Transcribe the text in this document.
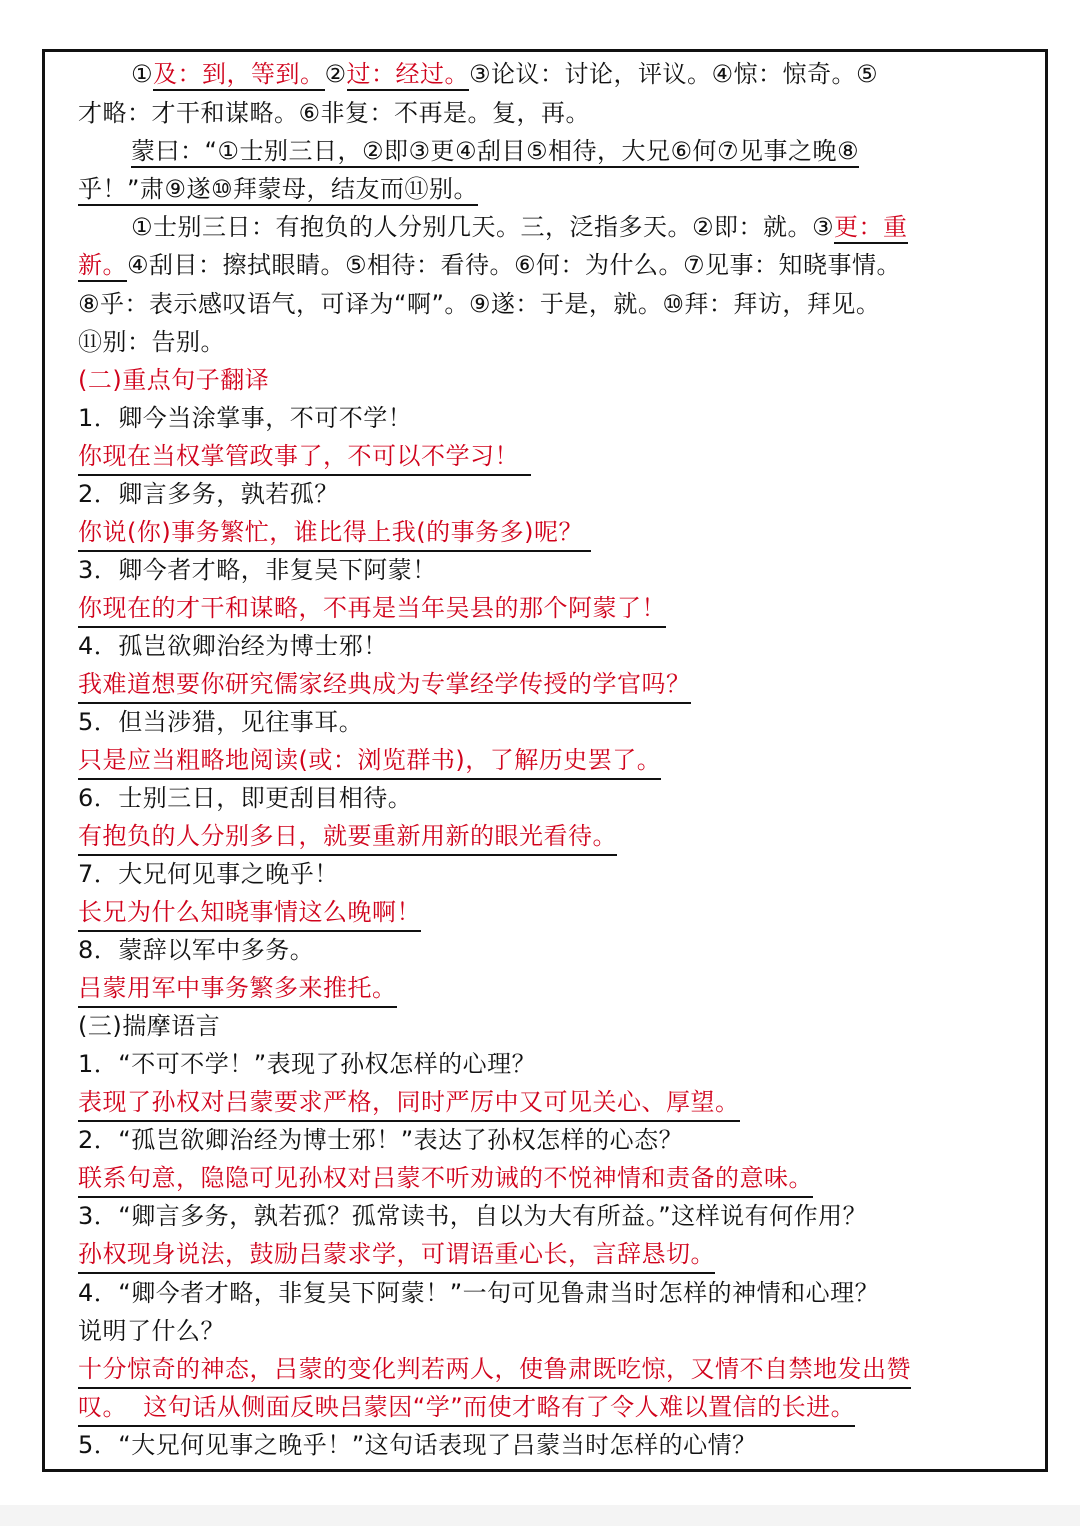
①及：到，等到。②过：经过。③论议：讨论，评议。④惊：惊奇。⑤
才略：才干和谋略。⑥非复：不再是。复，再。
蒙曰：“①士别三日，②即③更④刮目⑤相待，大兄⑥何⑦见事之晚⑧
乎！”肃⑨遂⑩拜蒙母，结友而⑪别。
①士别三日：有抱负的人分别几天。三，泛指多天。②即：就。③更：重
新。④刮目：擦拭眼睛。⑤相待：看待。⑥何：为什么。⑦见事：知晓事情。
⑧乎：表示感叹语气，可译为“啊”。⑨遂：于是，就。⑩拜：拜访，拜见。
⑪别：告别。
(二)重点句子翻译
1．卿今当涂掌事，不可不学！
你现在当权掌管政事了，不可以不学习！
2．卿言多务，孰若孤？
你说(你)事务繁忙，谁比得上我(的事务多)呢？
3．卿今者才略，非复吴下阿蒙！
你现在的才干和谋略，不再是当年吴县的那个阿蒙了！
4．孤岂欲卿治经为博士邪！
我难道想要你研究儒家经典成为专掌经学传授的学官吗？
5．但当涉猎，见往事耳。
只是应当粗略地阅读(或：浏览群书)，了解历史罢了。
6．士别三日，即更刮目相待。
有抱负的人分别多日，就要重新用新的眼光看待。
7．大兄何见事之晚乎！
长兄为什么知晓事情这么晚啊！
8．蒙辞以军中多务。
吕蒙用军中事务繁多来推托。
(三)揣摩语言
1．“不可不学！”表现了孙权怎样的心理？
表现了孙权对吕蒙要求严格，同时严厉中又可见关心、厚望。
2．“孤岂欲卿治经为博士邪！”表达了孙权怎样的心态？
联系句意，隐隐可见孙权对吕蒙不听劝诫的不悦神情和责备的意味。
3．“卿言多务，孰若孤？孤常读书，自以为大有所益。”这样说有何作用？
孙权现身说法，鼓励吕蒙求学，可谓语重心长，言辞恳切。
4．“卿今者才略，非复吴下阿蒙！”一句可见鲁肃当时怎样的神情和心理？
说明了什么？
十分惊奇的神态，吕蒙的变化判若两人，使鲁肃既吃惊，又情不自禁地发出赞
叹。  这句话从侧面反映吕蒙因“学”而使才略有了令人难以置信的长进。
5．“大兄何见事之晚乎！”这句话表现了吕蒙当时怎样的心情？
